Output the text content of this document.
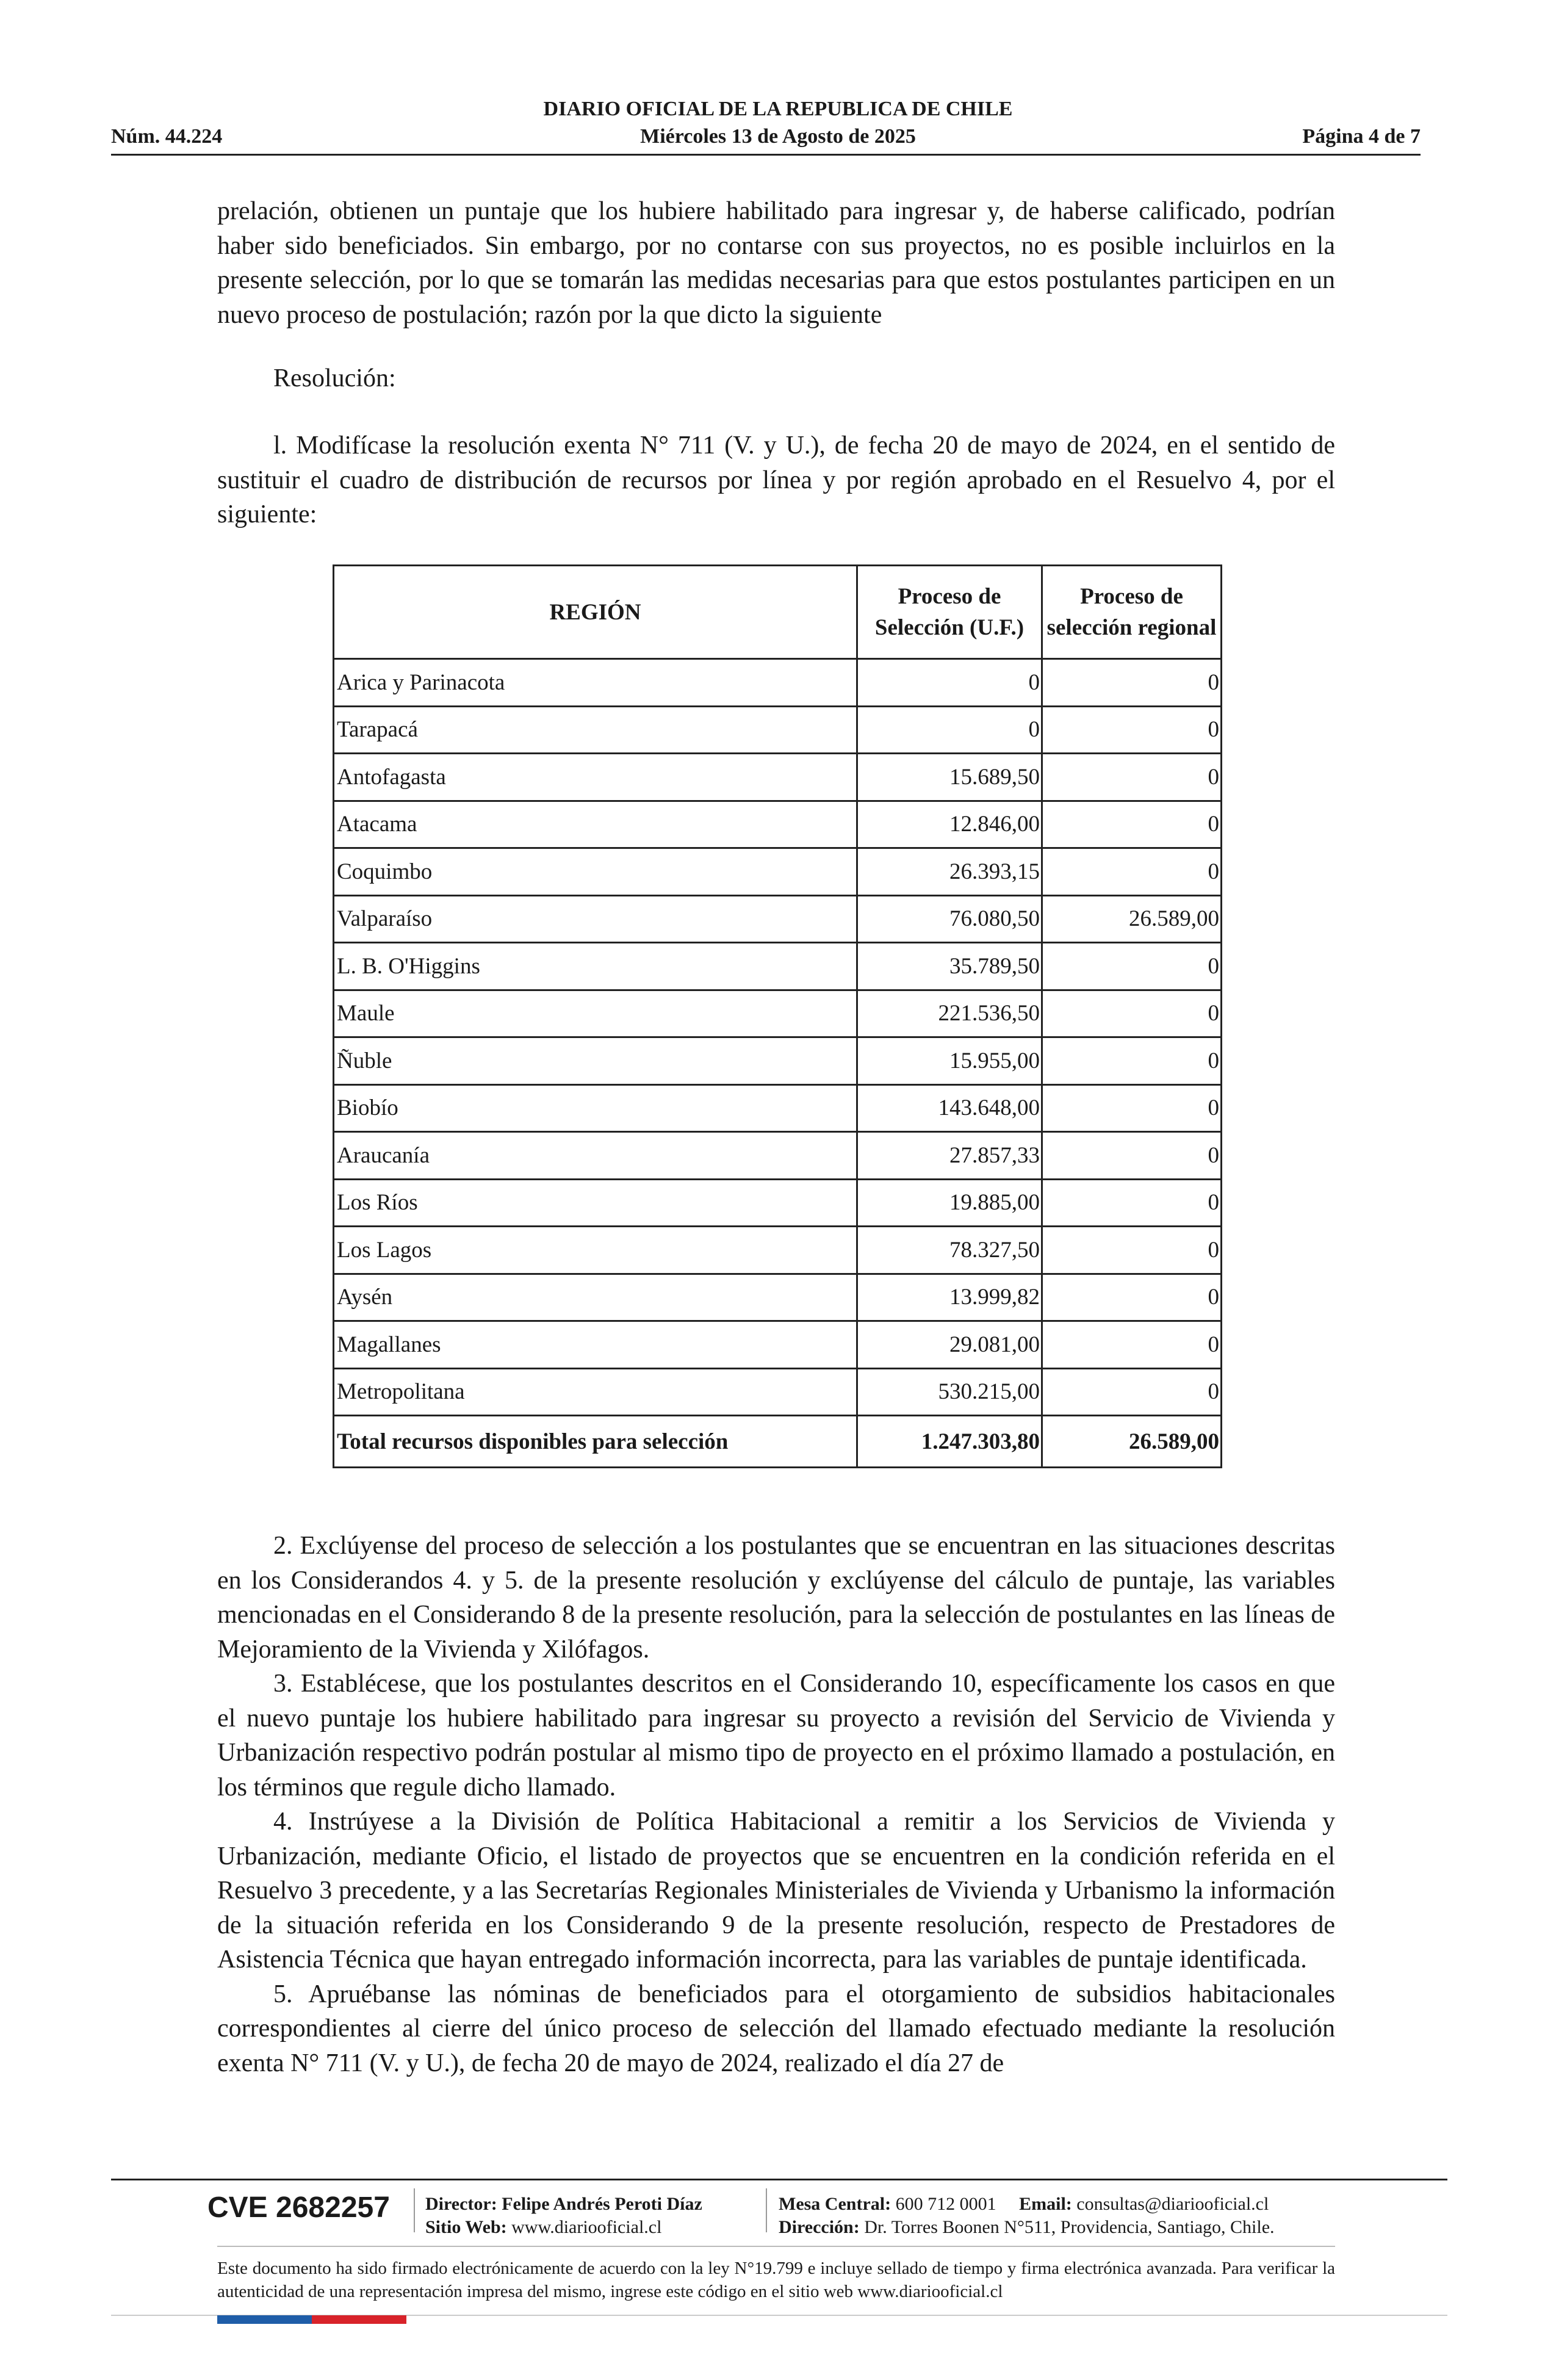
DIARIO OFICIAL DE LA REPUBLICA DE CHILE
Núm. 44.224	Miércoles 13 de Agosto de 2025	Página 4 de 7
prelación, obtienen un puntaje que los hubiere habilitado para ingresar y, de haberse calificado, podrían haber sido beneficiados. Sin embargo, por no contarse con sus proyectos, no es posible incluirlos en la presente selección, por lo que se tomarán las medidas necesarias para que estos postulantes participen en un nuevo proceso de postulación; razón por la que dicto la siguiente
Resolución:
l. Modifícase la resolución exenta N° 711 (V. y U.), de fecha 20 de mayo de 2024, en el sentido de sustituir el cuadro de distribución de recursos por línea y por región aprobado en el Resuelvo 4, por el siguiente:
REGIÓN	Proceso de Selección (U.F.)	Proceso de selección regional
Arica y Parinacota	0	0
Tarapacá	0	0
Antofagasta	15.689,50	0
Atacama	12.846,00	0
Coquimbo	26.393,15	0
Valparaíso	76.080,50	26.589,00
L. B. O'Higgins	35.789,50	0
Maule	221.536,50	0
Ñuble	15.955,00	0
Biobío	143.648,00	0
Araucanía	27.857,33	0
Los Ríos	19.885,00	0
Los Lagos	78.327,50	0
Aysén	13.999,82	0
Magallanes	29.081,00	0
Metropolitana	530.215,00	0
Total recursos disponibles para selección	1.247.303,80	26.589,00

2. Exclúyense del proceso de selección a los postulantes que se encuentran en las situaciones descritas en los Considerandos 4. y 5. de la presente resolución y exclúyense del cálculo de puntaje, las variables mencionadas en el Considerando 8 de la presente resolución, para la selección de postulantes en las líneas de Mejoramiento de la Vivienda y Xilófagos.

3. Establécese, que los postulantes descritos en el Considerando 10, específicamente los casos en que el nuevo puntaje los hubiere habilitado para ingresar su proyecto a revisión del Servicio de Vivienda y Urbanización respectivo podrán postular al mismo tipo de proyecto en el próximo llamado a postulación, en los términos que regule dicho llamado.

4. Instrúyese a la División de Política Habitacional a remitir a los Servicios de Vivienda y Urbanización, mediante Oficio, el listado de proyectos que se encuentren en la condición referida en el Resuelvo 3 precedente, y a las Secretarías Regionales Ministeriales de Vivienda y Urbanismo la información de la situación referida en los Considerando 9 de la presente resolución, respecto de Prestadores de Asistencia Técnica que hayan entregado información incorrecta, para las variables de puntaje identificada.

5. Apruébanse las nóminas de beneficiados para el otorgamiento de subsidios habitacionales correspondientes al cierre del único proceso de selección del llamado efectuado mediante la resolución exenta N° 711 (V. y U.), de fecha 20 de mayo de 2024, realizado el día 27 de

CVE 2682257 Director: Felipe Andrés Peroti Díaz
Sitio Web: www.diariooficial.cl
Mesa Central: 600 712 0001 Email: consultas@diariooficial.cl
Dirección: Dr. Torres Boonen N°511, Providencia, Santiago, Chile.
Este documento ha sido firmado electrónicamente de acuerdo con la ley N°19.799 e incluye sellado de tiempo y firma electrónica avanzada. Para verificar la autenticidad de una representación impresa del mismo, ingrese este código en el sitio web www.diariooficial.cl
